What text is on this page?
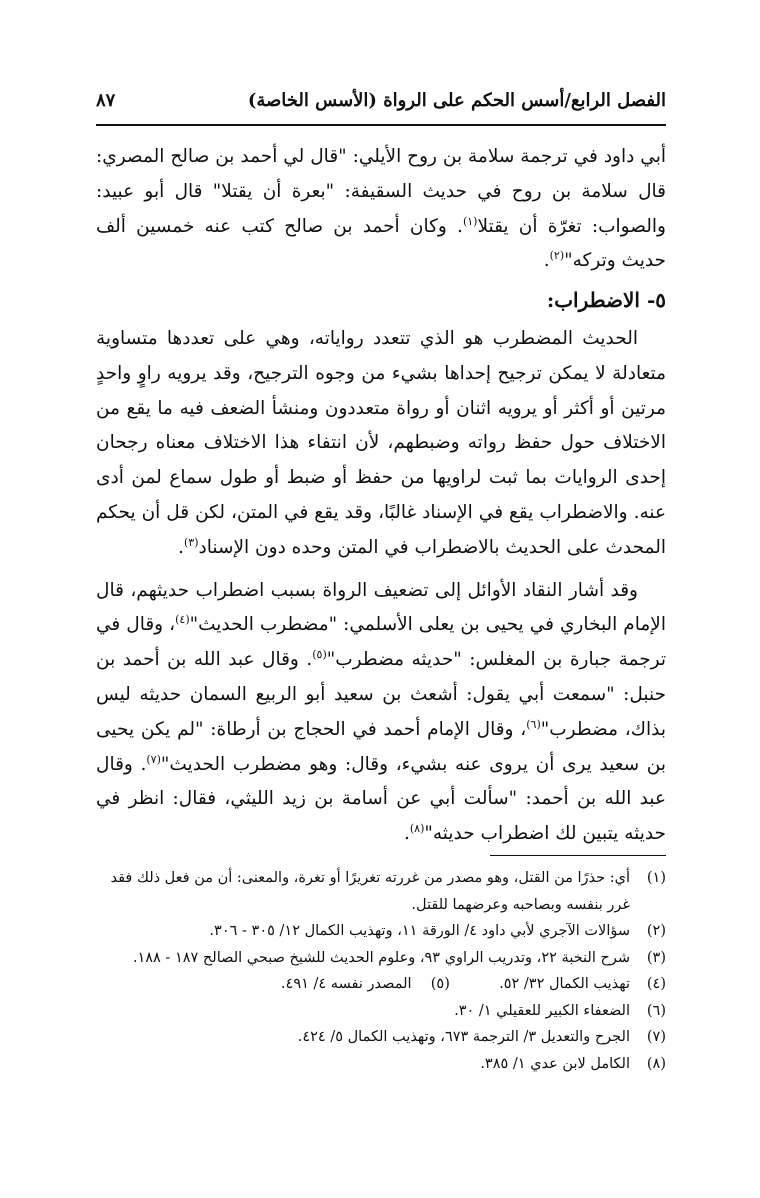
الفصل الرابع/أسس الحكم على الرواة (الأسس الخاصة)
٨٧

أبي داود في ترجمة سلامة بن روح الأيلي: "قال لي أحمد بن صالح المصري: قال سلامة بن روح في حديث السقيفة: "بعرة أن يقتلا" قال أبو عبيد: والصواب: تغرّة أن يقتلا$^{(١)}$. وكان أحمد بن صالح كتب عنه خمسين ألف حديث وتركه"$^{(٢)}$.

٥- الاضطراب:

الحديث المضطرب هو الذي تتعدد رواياته، وهي على تعددها متساوية متعادلة لا يمكن ترجيح إحداها بشيء من وجوه الترجيح، وقد يرويه راوٍ واحدٍ مرتين أو أكثر أو يرويه اثنان أو رواة متعددون ومنشأ الضعف فيه ما يقع من الاختلاف حول حفظ رواته وضبطهم، لأن انتفاء هذا الاختلاف معناه رجحان إحدى الروايات بما ثبت لراويها من حفظ أو ضبط أو طول سماع لمن أدى عنه. والاضطراب يقع في الإسناد غالبًا، وقد يقع في المتن، لكن قل أن يحكم المحدث على الحديث بالاضطراب في المتن وحده دون الإسناد$^{(٣)}$.

وقد أشار النقاد الأوائل إلى تضعيف الرواة بسبب اضطراب حديثهم، قال الإمام البخاري في يحيى بن يعلى الأسلمي: "مضطرب الحديث"$^{(٤)}$، وقال في ترجمة جبارة بن المغلس: "حديثه مضطرب"$^{(٥)}$. وقال عبد الله بن أحمد بن حنبل: "سمعت أبي يقول: أشعث بن سعيد أبو الربيع السمان حديثه ليس بذاك، مضطرب"$^{(٦)}$، وقال الإمام أحمد في الحجاج بن أرطاة: "لم يكن يحيى بن سعيد يرى أن يروى عنه بشيء، وقال: وهو مضطرب الحديث"$^{(٧)}$. وقال عبد الله بن أحمد: "سألت أبي عن أسامة بن زيد الليثي، فقال: انظر في حديثه يتبين لك اضطراب حديثه"$^{(٨)}$.

(١)
أي: حذرًا من القتل، وهو مصدر من غررته تغريرًا أو تغرة، والمعنى: أن من فعل ذلك فقد غرر بنفسه وبصاحبه وعرضهما للقتل.
(٢)
سؤالات الآجري لأبي داود ٤/ الورقة ١١، وتهذيب الكمال ١٢/ ٣٠٥ - ٣٠٦.
(٣)
شرح النخبة ٢٢، وتدريب الراوي ٩٣، وعلوم الحديث للشيخ صبحي الصالح ١٨٧ - ١٨٨.
(٤)
تهذيب الكمال ٣٢/ ٥٢.  (٥)  المصدر نفسه ٤/ ٤٩١.
(٦)
الضعفاء الكبير للعقيلي ١/ ٣٠.
(٧)
الجرح والتعديل ٣/ الترجمة ٦٧٣، وتهذيب الكمال ٥/ ٤٢٤.
(٨)
الكامل لابن عدي ١/ ٣٨٥.
